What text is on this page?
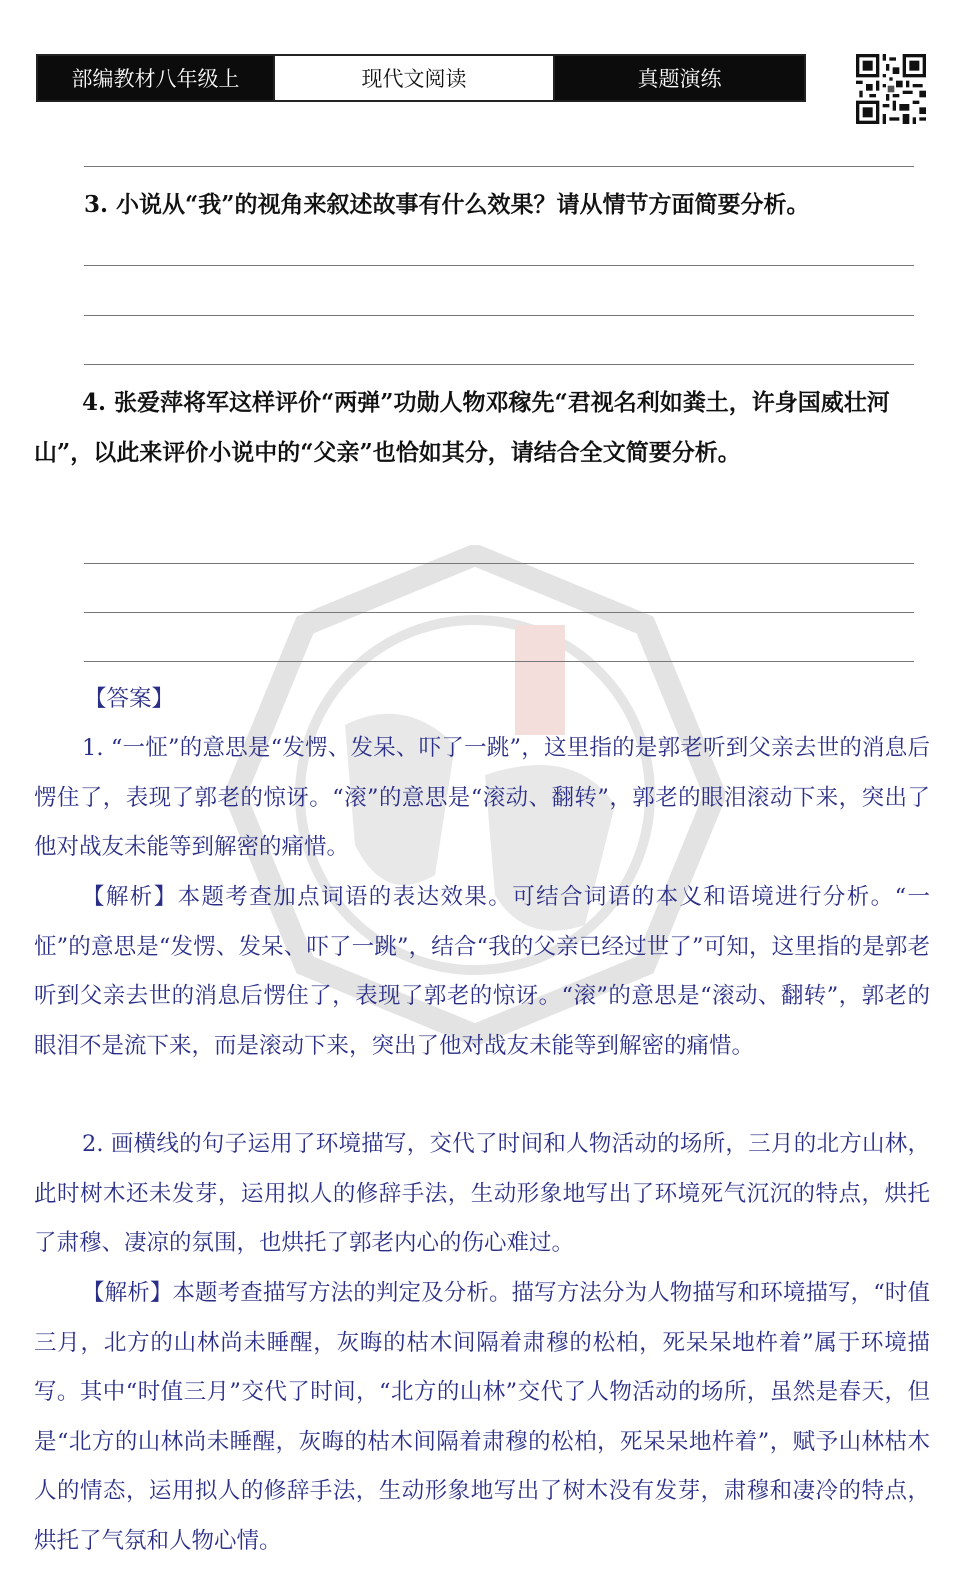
部编教材八年级上	现代文阅读	真题演练
3. 小说从“我”的视角来叙述故事有什么效果？请从情节方面简要分析。
4. 张爱萍将军这样评价“两弹”功勋人物邓稼先“君视名利如粪土，许身国威壮河山”，以此来评价小说中的“父亲”也恰如其分，请结合全文简要分析。
【答案】
1. “一怔”的意思是“发愣、发呆、吓了一跳”，这里指的是郭老听到父亲去世的消息后愣住了，表现了郭老的惊讶。“滚”的意思是“滚动、翻转”，郭老的眼泪滚动下来，突出了他对战友未能等到解密的痛惜。
【解析】本题考查加点词语的表达效果。可结合词语的本义和语境进行分析。“一怔”的意思是“发愣、发呆、吓了一跳”，结合“我的父亲已经过世了”可知，这里指的是郭老听到父亲去世的消息后愣住了，表现了郭老的惊讶。“滚”的意思是“滚动、翻转”，郭老的眼泪不是流下来，而是滚动下来，突出了他对战友未能等到解密的痛惜。
2. 画横线的句子运用了环境描写，交代了时间和人物活动的场所，三月的北方山林，此时树木还未发芽，运用拟人的修辞手法，生动形象地写出了环境死气沉沉的特点，烘托了肃穆、凄凉的氛围，也烘托了郭老内心的伤心难过。
【解析】本题考查描写方法的判定及分析。描写方法分为人物描写和环境描写，“时值三月，北方的山林尚未睡醒，灰晦的枯木间隔着肃穆的松柏，死呆呆地杵着”属于环境描写。其中“时值三月”交代了时间，“北方的山林”交代了人物活动的场所，虽然是春天，但是“北方的山林尚未睡醒，灰晦的枯木间隔着肃穆的松柏，死呆呆地杵着”，赋予山林枯木人的情态，运用拟人的修辞手法，生动形象地写出了树木没有发芽，肃穆和凄冷的特点，烘托了气氛和人物心情。
